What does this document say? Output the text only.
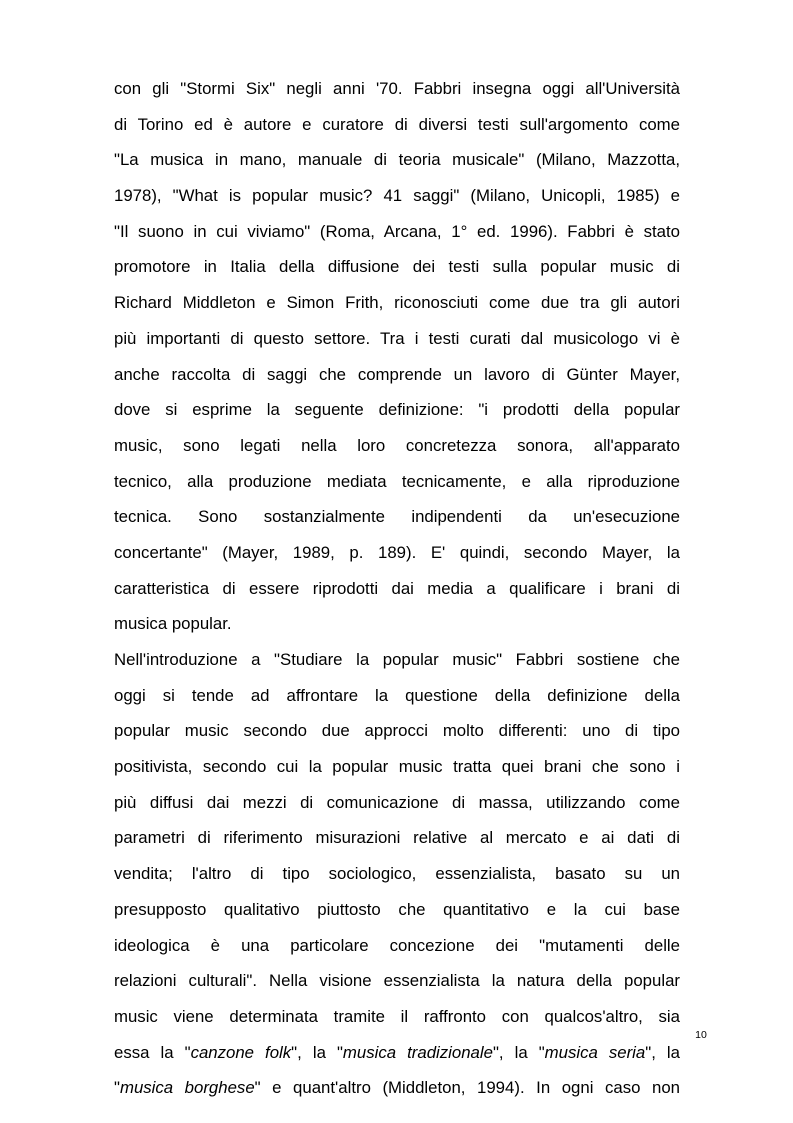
con gli "Stormi Six" negli anni '70. Fabbri insegna oggi all'Università
di Torino ed è autore e curatore di diversi testi sull'argomento come
"La musica in mano, manuale di teoria musicale" (Milano, Mazzotta,
1978), "What is popular music? 41 saggi" (Milano, Unicopli, 1985) e
"Il suono in cui viviamo" (Roma, Arcana, 1° ed. 1996). Fabbri è stato
promotore in Italia della diffusione dei testi sulla popular music di
Richard Middleton e Simon Frith, riconosciuti come due tra gli autori
più importanti di questo settore. Tra i testi curati dal musicologo vi è
anche raccolta di saggi che comprende un lavoro di Günter Mayer,
dove si esprime la seguente definizione: "i prodotti della popular
music, sono legati nella loro concretezza sonora, all'apparato
tecnico, alla produzione mediata tecnicamente, e alla riproduzione
tecnica. Sono sostanzialmente indipendenti da un'esecuzione
concertante" (Mayer, 1989, p. 189). E' quindi, secondo Mayer, la
caratteristica di essere riprodotti dai media a qualificare i brani di
musica popular.
Nell'introduzione a "Studiare la popular music" Fabbri sostiene che
oggi si tende ad affrontare la questione della definizione della
popular music secondo due approcci molto differenti: uno di tipo
positivista, secondo cui la popular music tratta quei brani che sono i
più diffusi dai mezzi di comunicazione di massa, utilizzando come
parametri di riferimento misurazioni relative al mercato e ai dati di
vendita; l'altro di tipo sociologico, essenzialista, basato su un
presupposto qualitativo piuttosto che quantitativo e la cui base
ideologica è una particolare concezione dei "mutamenti delle
relazioni culturali". Nella visione essenzialista la natura della popular
music viene determinata tramite il raffronto con qualcos'altro, sia
essa la "canzone folk", la "musica tradizionale", la "musica seria", la
"musica borghese" e quant'altro (Middleton, 1994). In ogni caso non
10
